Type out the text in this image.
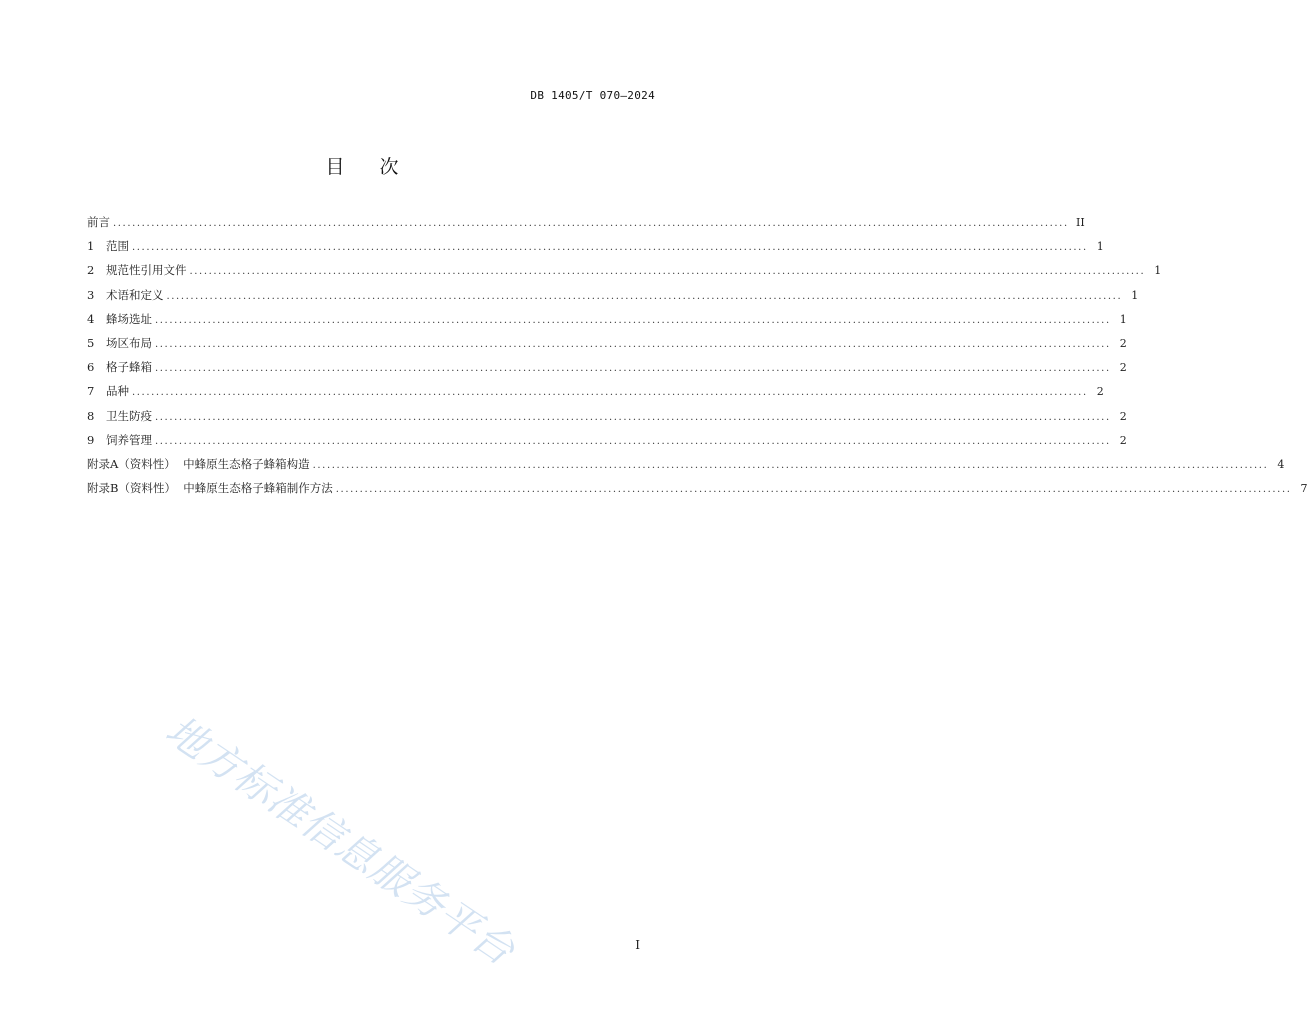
DB 1405/T 070—2024
目 次
前言 ........................................................................................................................................................................................................ II
1	范围 ........................................................................................................................................................................................................ 1
2	规范性引用文件 ........................................................................................................................................................................................................ 1
3	术语和定义 ........................................................................................................................................................................................................ 1
4	蜂场选址 ........................................................................................................................................................................................................ 1
5	场区布局 ........................................................................................................................................................................................................ 2
6	格子蜂箱 ........................................................................................................................................................................................................ 2
7	品种 ........................................................................................................................................................................................................ 2
8	卫生防疫 ........................................................................................................................................................................................................ 2
9	饲养管理 ........................................................................................................................................................................................................ 2
附录A（资料性）  中蜂原生态格子蜂箱构造 ........................................................................................................................................................................................................ 4
附录B（资料性）  中蜂原生态格子蜂箱制作方法 ........................................................................................................................................................................................................ 7
地方标准信息服务平台	I
